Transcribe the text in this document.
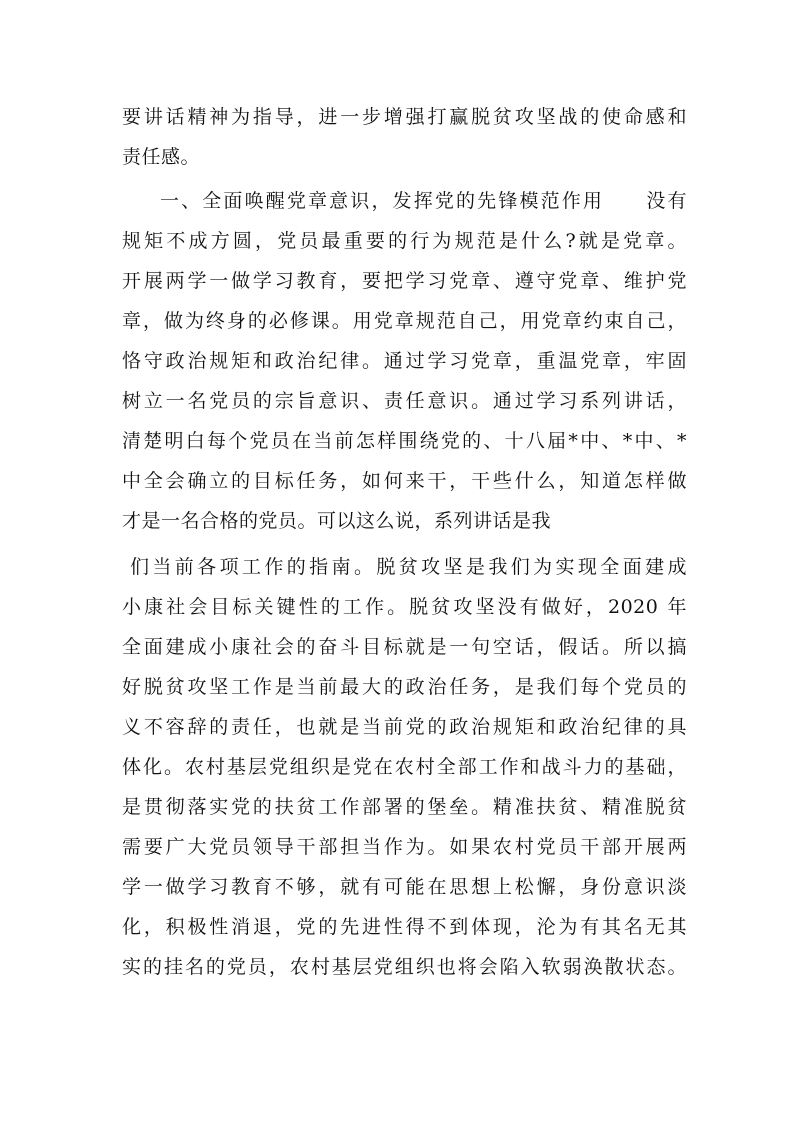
要讲话精神为指导，进一步增强打赢脱贫攻坚战的使命感和
责任感。
一、全面唤醒党章意识，发挥党的先锋模范作用　　没有
规矩不成方圆，党员最重要的行为规范是什么?就是党章。
开展两学一做学习教育，要把学习党章、遵守党章、维护党
章，做为终身的必修课。用党章规范自己，用党章约束自己，
恪守政治规矩和政治纪律。通过学习党章，重温党章，牢固
树立一名党员的宗旨意识、责任意识。通过学习系列讲话，
清楚明白每个党员在当前怎样围绕党的、十八届*中、*中、*
中全会确立的目标任务，如何来干，干些什么，知道怎样做
才是一名合格的党员。可以这么说，系列讲话是我
们当前各项工作的指南。脱贫攻坚是我们为实现全面建成
小康社会目标关键性的工作。脱贫攻坚没有做好，2020 年
全面建成小康社会的奋斗目标就是一句空话，假话。所以搞
好脱贫攻坚工作是当前最大的政治任务，是我们每个党员的
义不容辞的责任，也就是当前党的政治规矩和政治纪律的具
体化。农村基层党组织是党在农村全部工作和战斗力的基础，
是贯彻落实党的扶贫工作部署的堡垒。精准扶贫、精准脱贫
需要广大党员领导干部担当作为。如果农村党员干部开展两
学一做学习教育不够，就有可能在思想上松懈，身份意识淡
化，积极性消退，党的先进性得不到体现，沦为有其名无其
实的挂名的党员，农村基层党组织也将会陷入软弱涣散状态。
